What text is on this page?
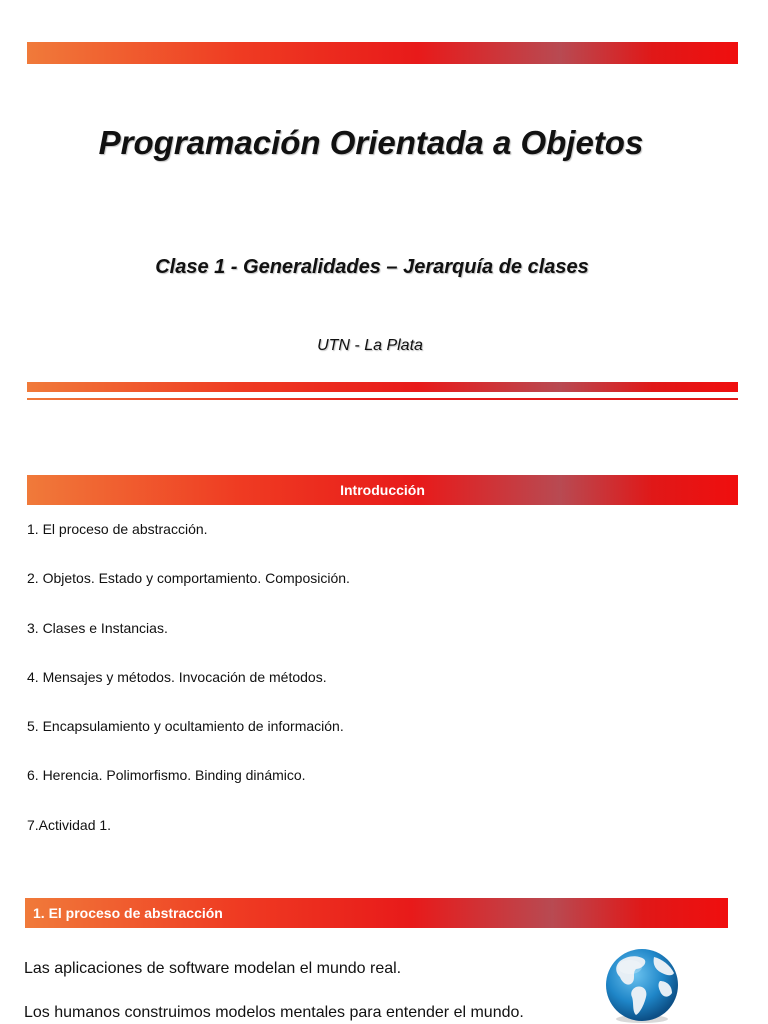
Programación Orientada a Objetos
Clase 1 - Generalidades – Jerarquía de clases

UTN - La Plata

Introducción
1. El proceso de abstracción.
2. Objetos. Estado y comportamiento. Composición.
3. Clases e Instancias.
4. Mensajes y métodos. Invocación de métodos.
5. Encapsulamiento y ocultamiento de información.
6. Herencia. Polimorfismo. Binding dinámico.
7.Actividad 1.
1. El proceso de abstracción

Las aplicaciones de software modelan el mundo real.

Los humanos construimos modelos mentales para entender el mundo.
